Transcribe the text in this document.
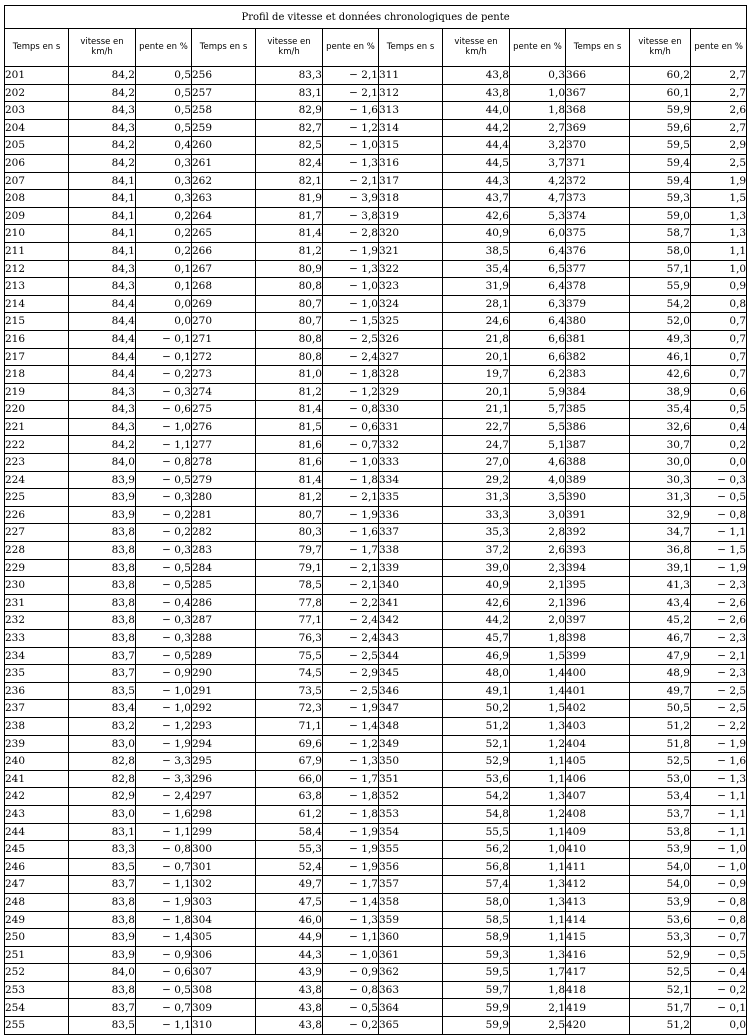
Profil de vitesse et données chronologiques de pente											
Temps en s	vitesse en km/h	pente en %	Temps en s	vitesse en km/h	pente en %	Temps en s	vitesse en km/h	pente en %	Temps en s	vitesse en km/h	pente en %
201	84,2	0,5	256	83,3	− 2,1	311	43,8	0,3	366	60,2	2,7
202	84,2	0,5	257	83,1	− 2,1	312	43,8	1,0	367	60,1	2,7
203	84,3	0,5	258	82,9	− 1,6	313	44,0	1,8	368	59,9	2,6
204	84,3	0,5	259	82,7	− 1,2	314	44,2	2,7	369	59,6	2,7
205	84,2	0,4	260	82,5	− 1,0	315	44,4	3,2	370	59,5	2,9
206	84,2	0,3	261	82,4	− 1,3	316	44,5	3,7	371	59,4	2,5
207	84,1	0,3	262	82,1	− 2,1	317	44,3	4,2	372	59,4	1,9
208	84,1	0,3	263	81,9	− 3,9	318	43,7	4,7	373	59,3	1,5
209	84,1	0,2	264	81,7	− 3,8	319	42,6	5,3	374	59,0	1,3
210	84,1	0,2	265	81,4	− 2,8	320	40,9	6,0	375	58,7	1,3
211	84,1	0,2	266	81,2	− 1,9	321	38,5	6,4	376	58,0	1,1
212	84,3	0,1	267	80,9	− 1,3	322	35,4	6,5	377	57,1	1,0
213	84,3	0,1	268	80,8	− 1,0	323	31,9	6,4	378	55,9	0,9
214	84,4	0,0	269	80,7	− 1,0	324	28,1	6,3	379	54,2	0,8
215	84,4	0,0	270	80,7	− 1,5	325	24,6	6,4	380	52,0	0,7
216	84,4	− 0,1	271	80,8	− 2,5	326	21,8	6,6	381	49,3	0,7
217	84,4	− 0,1	272	80,8	− 2,4	327	20,1	6,6	382	46,1	0,7
218	84,4	− 0,2	273	81,0	− 1,8	328	19,7	6,2	383	42,6	0,7
219	84,3	− 0,3	274	81,2	− 1,2	329	20,1	5,9	384	38,9	0,6
220	84,3	− 0,6	275	81,4	− 0,8	330	21,1	5,7	385	35,4	0,5
221	84,3	− 1,0	276	81,5	− 0,6	331	22,7	5,5	386	32,6	0,4
222	84,2	− 1,1	277	81,6	− 0,7	332	24,7	5,1	387	30,7	0,2
223	84,0	− 0,8	278	81,6	− 1,0	333	27,0	4,6	388	30,0	0,0
224	83,9	− 0,5	279	81,4	− 1,8	334	29,2	4,0	389	30,3	− 0,3
225	83,9	− 0,3	280	81,2	− 2,1	335	31,3	3,5	390	31,3	− 0,5
226	83,9	− 0,2	281	80,7	− 1,9	336	33,3	3,0	391	32,9	− 0,8
227	83,8	− 0,2	282	80,3	− 1,6	337	35,3	2,8	392	34,7	− 1,1
228	83,8	− 0,3	283	79,7	− 1,7	338	37,2	2,6	393	36,8	− 1,5
229	83,8	− 0,5	284	79,1	− 2,1	339	39,0	2,3	394	39,1	− 1,9
230	83,8	− 0,5	285	78,5	− 2,1	340	40,9	2,1	395	41,3	− 2,3
231	83,8	− 0,4	286	77,8	− 2,2	341	42,6	2,1	396	43,4	− 2,6
232	83,8	− 0,3	287	77,1	− 2,4	342	44,2	2,0	397	45,2	− 2,6
233	83,8	− 0,3	288	76,3	− 2,4	343	45,7	1,8	398	46,7	− 2,3
234	83,7	− 0,5	289	75,5	− 2,5	344	46,9	1,5	399	47,9	− 2,1
235	83,7	− 0,9	290	74,5	− 2,9	345	48,0	1,4	400	48,9	− 2,3
236	83,5	− 1,0	291	73,5	− 2,5	346	49,1	1,4	401	49,7	− 2,5
237	83,4	− 1,0	292	72,3	− 1,9	347	50,2	1,5	402	50,5	− 2,5
238	83,2	− 1,2	293	71,1	− 1,4	348	51,2	1,3	403	51,2	− 2,2
239	83,0	− 1,9	294	69,6	− 1,2	349	52,1	1,2	404	51,8	− 1,9
240	82,8	− 3,3	295	67,9	− 1,3	350	52,9	1,1	405	52,5	− 1,6
241	82,8	− 3,3	296	66,0	− 1,7	351	53,6	1,1	406	53,0	− 1,3
242	82,9	− 2,4	297	63,8	− 1,8	352	54,2	1,3	407	53,4	− 1,1
243	83,0	− 1,6	298	61,2	− 1,8	353	54,8	1,2	408	53,7	− 1,1
244	83,1	− 1,1	299	58,4	− 1,9	354	55,5	1,1	409	53,8	− 1,1
245	83,3	− 0,8	300	55,3	− 1,9	355	56,2	1,0	410	53,9	− 1,0
246	83,5	− 0,7	301	52,4	− 1,9	356	56,8	1,1	411	54,0	− 1,0
247	83,7	− 1,1	302	49,7	− 1,7	357	57,4	1,3	412	54,0	− 0,9
248	83,8	− 1,9	303	47,5	− 1,4	358	58,0	1,3	413	53,9	− 0,8
249	83,8	− 1,8	304	46,0	− 1,3	359	58,5	1,1	414	53,6	− 0,8
250	83,9	− 1,4	305	44,9	− 1,1	360	58,9	1,1	415	53,3	− 0,7
251	83,9	− 0,9	306	44,3	− 1,0	361	59,3	1,3	416	52,9	− 0,5
252	84,0	− 0,6	307	43,9	− 0,9	362	59,5	1,7	417	52,5	− 0,4
253	83,8	− 0,5	308	43,8	− 0,8	363	59,7	1,8	418	52,1	− 0,2
254	83,7	− 0,7	309	43,8	− 0,5	364	59,9	2,1	419	51,7	− 0,1
255	83,5	− 1,1	310	43,8	− 0,2	365	59,9	2,5	420	51,2	0,0
